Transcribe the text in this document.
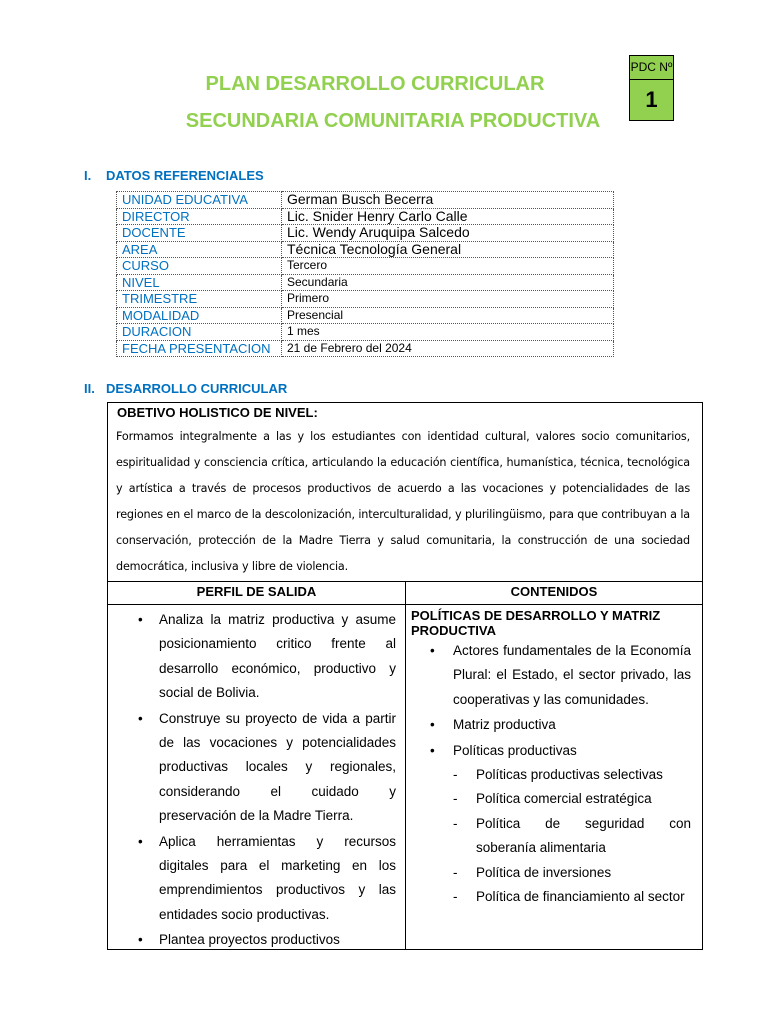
PLAN DESARROLLO CURRICULAR
SECUNDARIA COMUNITARIA PRODUCTIVA
PDC Nº
1
I. DATOS REFERENCIALES
UNIDAD EDUCATIVA	German Busch Becerra
DIRECTOR	Lic. Snider Henry Carlo Calle
DOCENTE	Lic. Wendy Aruquipa Salcedo
AREA	Técnica Tecnología General
CURSO	Tercero
NIVEL	Secundaria
TRIMESTRE	Primero
MODALIDAD	Presencial
DURACION	1 mes
FECHA PRESENTACION	21 de Febrero del 2024
II. DESARROLLO CURRICULAR
OBETIVO HOLISTICO DE NIVEL:
Formamos integralmente a las y los estudiantes con identidad cultural, valores socio comunitarios, espiritualidad y consciencia crítica, articulando la educación científica, humanística, técnica, tecnológica y artística a través de procesos productivos de acuerdo a las vocaciones y potencialidades de las regiones en el marco de la descolonización, interculturalidad, y plurilingüismo, para que contribuyan a la conservación, protección de la Madre Tierra y salud comunitaria, la construcción de una sociedad democrática, inclusiva y libre de violencia.
PERFIL DE SALIDA	CONTENIDOS
• Analiza la matriz productiva y asume posicionamiento critico frente al desarrollo económico, productivo y social de Bolivia.
• Construye su proyecto de vida a partir de las vocaciones y potencialidades productivas locales y regionales, considerando el cuidado y preservación de la Madre Tierra.
• Aplica herramientas y recursos digitales para el marketing en los emprendimientos productivos y las entidades socio productivas.
• Plantea proyectos productivos
POLÍTICAS DE DESARROLLO Y MATRIZ PRODUCTIVA
• Actores fundamentales de la Economía Plural: el Estado, el sector privado, las cooperativas y las comunidades.
• Matriz productiva
• Políticas productivas
- Políticas productivas selectivas
- Política comercial estratégica
- Política de seguridad con soberanía alimentaria
- Política de inversiones
- Política de financiamiento al sector
